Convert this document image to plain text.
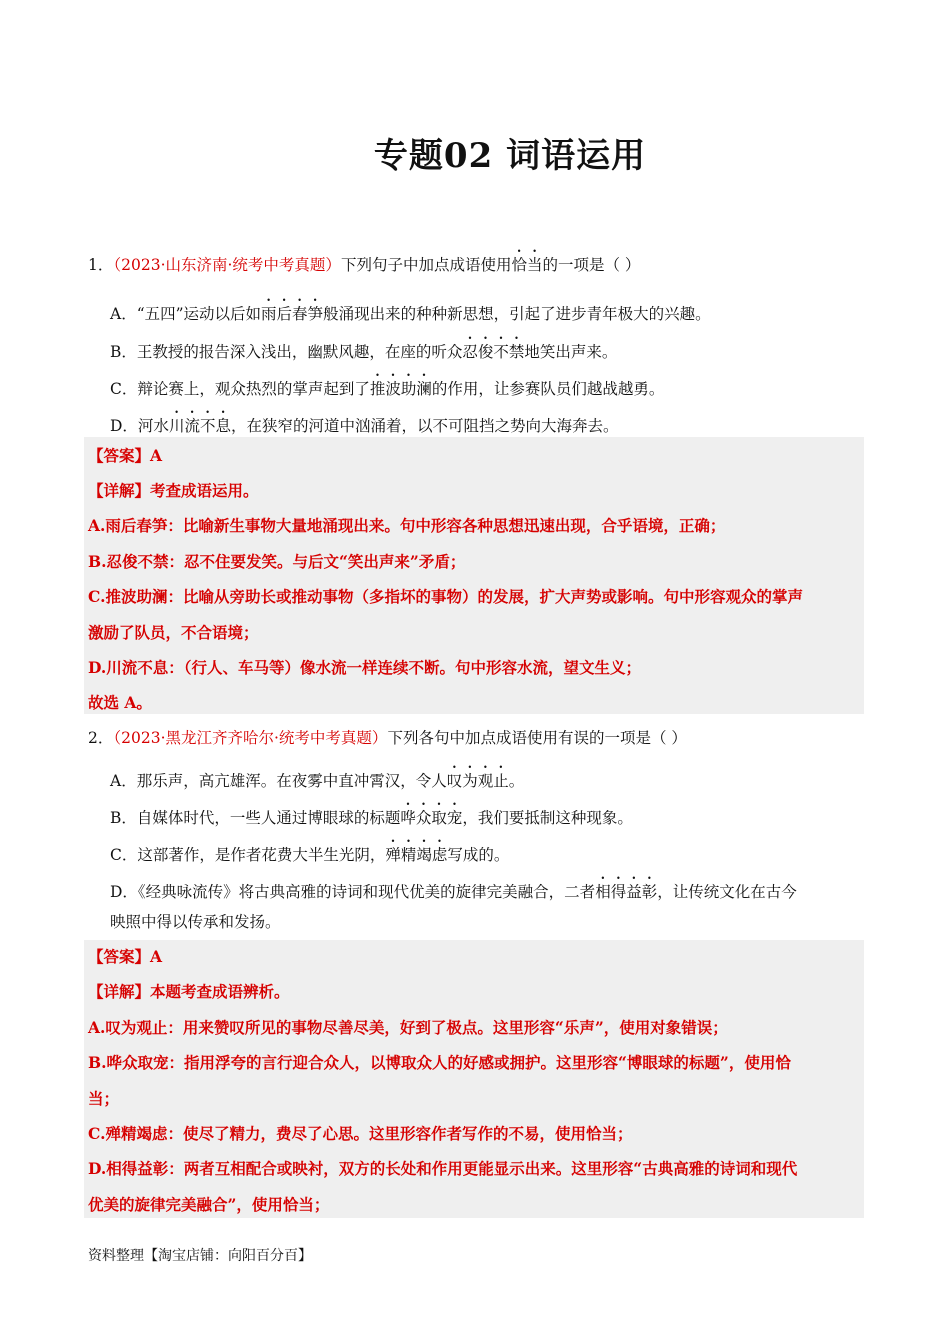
专题02 词语运用
1．（2023·山东济南·统考中考真题）下列句子中加点成语使用恰当的一项是（ ）
A．“五四”运动以后如雨后春笋般涌现出来的种种新思想，引起了进步青年极大的兴趣。
B．王教授的报告深入浅出，幽默风趣，在座的听众忍俊不禁地笑出声来。
C．辩论赛上，观众热烈的掌声起到了推波助澜的作用，让参赛队员们越战越勇。
D．河水川流不息，在狭窄的河道中汹涌着，以不可阻挡之势向大海奔去。
【答案】A
【详解】考查成语运用。
A.雨后春笋：比喻新生事物大量地涌现出来。句中形容各种思想迅速出现，合乎语境，正确；
B.忍俊不禁：忍不住要发笑。与后文“笑出声来”矛盾；
C.推波助澜：比喻从旁助长或推动事物（多指坏的事物）的发展，扩大声势或影响。句中形容观众的掌声
激励了队员，不合语境；
D.川流不息：（行人、车马等）像水流一样连续不断。句中形容水流，望文生义；
故选 A。
2．（2023·黑龙江齐齐哈尔·统考中考真题）下列各句中加点成语使用有误的一项是（ ）
A．那乐声，高亢雄浑。在夜雾中直冲霄汉，令人叹为观止。
B．自媒体时代，一些人通过博眼球的标题哗众取宠，我们要抵制这种现象。
C．这部著作，是作者花费大半生光阴，殚精竭虑写成的。
D．《经典咏流传》将古典高雅的诗词和现代优美的旋律完美融合，二者相得益彰，让传统文化在古今
映照中得以传承和发扬。
【答案】A
【详解】本题考查成语辨析。
A.叹为观止：用来赞叹所见的事物尽善尽美，好到了极点。这里形容“乐声”，使用对象错误；
B.哗众取宠：指用浮夸的言行迎合众人，以博取众人的好感或拥护。这里形容“博眼球的标题”，使用恰
当；
C.殚精竭虑：使尽了精力，费尽了心思。这里形容作者写作的不易，使用恰当；
D.相得益彰：两者互相配合或映衬，双方的长处和作用更能显示出来。这里形容“古典高雅的诗词和现代
优美的旋律完美融合”，使用恰当；
资料整理【淘宝店铺：向阳百分百】
